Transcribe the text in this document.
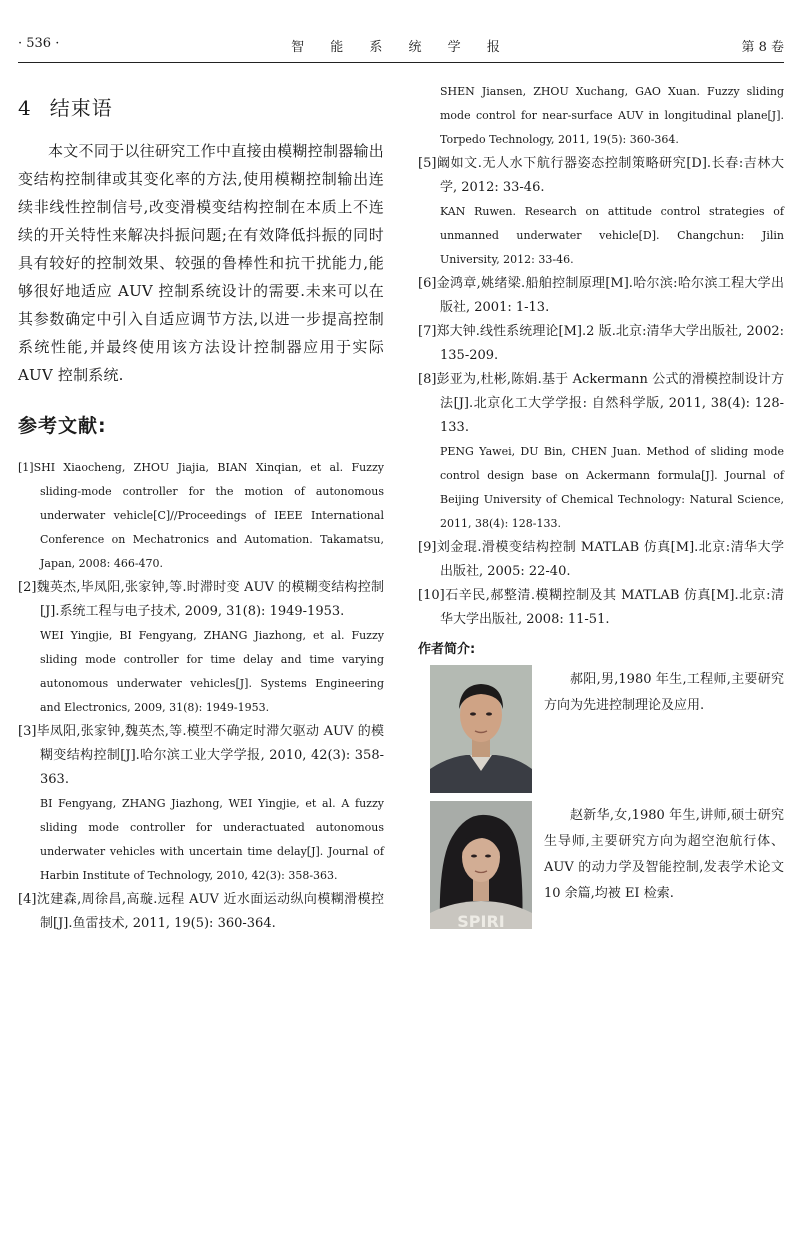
· 536 ·	智 能 系 统 学 报	第 8 卷
4 结束语

本文不同于以往研究工作中直接由模糊控制器输出变结构控制律或其变化率的方法,使用模糊控制输出连续非线性控制信号,改变滑模变结构控制在本质上不连续的开关特性来解决抖振问题;在有效降低抖振的同时具有较好的控制效果、较强的鲁棒性和抗干扰能力,能够很好地适应 AUV 控制系统设计的需要.未来可以在其参数确定中引入自适应调节方法,以进一步提高控制系统性能,并最终使用该方法设计控制器应用于实际 AUV 控制系统.

参考文献:

[1]SHI Xiaocheng, ZHOU Jiajia, BIAN Xinqian, et al. Fuzzy sliding-mode controller for the motion of autonomous underwater vehicle[C]//Proceedings of IEEE International Conference on Mechatronics and Automation. Takamatsu, Japan, 2008: 466-470.

[2]魏英杰,毕凤阳,张家钟,等.时滞时变 AUV 的模糊变结构控制[J].系统工程与电子技术, 2009, 31(8): 1949-1953.

WEI Yingjie, BI Fengyang, ZHANG Jiazhong, et al. Fuzzy sliding mode controller for time delay and time varying autonomous underwater vehicles[J]. Systems Engineering and Electronics, 2009, 31(8): 1949-1953.

[3]毕凤阳,张家钟,魏英杰,等.模型不确定时滞欠驱动 AUV 的模糊变结构控制[J].哈尔滨工业大学学报, 2010, 42(3): 358-363.

BI Fengyang, ZHANG Jiazhong, WEI Yingjie, et al. A fuzzy sliding mode controller for underactuated autonomous underwater vehicles with uncertain time delay[J]. Journal of Harbin Institute of Technology, 2010, 42(3): 358-363.

[4]沈建森,周徐昌,高璇.远程 AUV 近水面运动纵向模糊滑模控制[J].鱼雷技术, 2011, 19(5): 360-364.

SHEN Jiansen, ZHOU Xuchang, GAO Xuan. Fuzzy sliding mode control for near-surface AUV in longitudinal plane[J]. Torpedo Technology, 2011, 19(5): 360-364.

[5]阚如文.无人水下航行器姿态控制策略研究[D].长春:吉林大学, 2012: 33-46.

KAN Ruwen. Research on attitude control strategies of unmanned underwater vehicle[D]. Changchun: Jilin University, 2012: 33-46.

[6]金鸿章,姚绪梁.船舶控制原理[M].哈尔滨:哈尔滨工程大学出版社, 2001: 1-13.

[7]郑大钟.线性系统理论[M].2 版.北京:清华大学出版社, 2002: 135-209.

[8]彭亚为,杜彬,陈娟.基于 Ackermann 公式的滑模控制设计方法[J].北京化工大学学报: 自然科学版, 2011, 38(4): 128-133.

PENG Yawei, DU Bin, CHEN Juan. Method of sliding mode control design base on Ackermann formula[J]. Journal of Beijing University of Chemical Technology: Natural Science, 2011, 38(4): 128-133.

[9]刘金琨.滑模变结构控制 MATLAB 仿真[M].北京:清华大学出版社, 2005: 22-40.

[10]石辛民,郝整清.模糊控制及其 MATLAB 仿真[M].北京:清华大学出版社, 2008: 11-51.

作者简介:

郝阳,男,1980 年生,工程师,主要研究方向为先进控制理论及应用.

SPIRI

赵新华,女,1980 年生,讲师,硕士研究生导师,主要研究方向为超空泡航行体、AUV 的动力学及智能控制,发表学术论文 10 余篇,均被 EI 检索.
